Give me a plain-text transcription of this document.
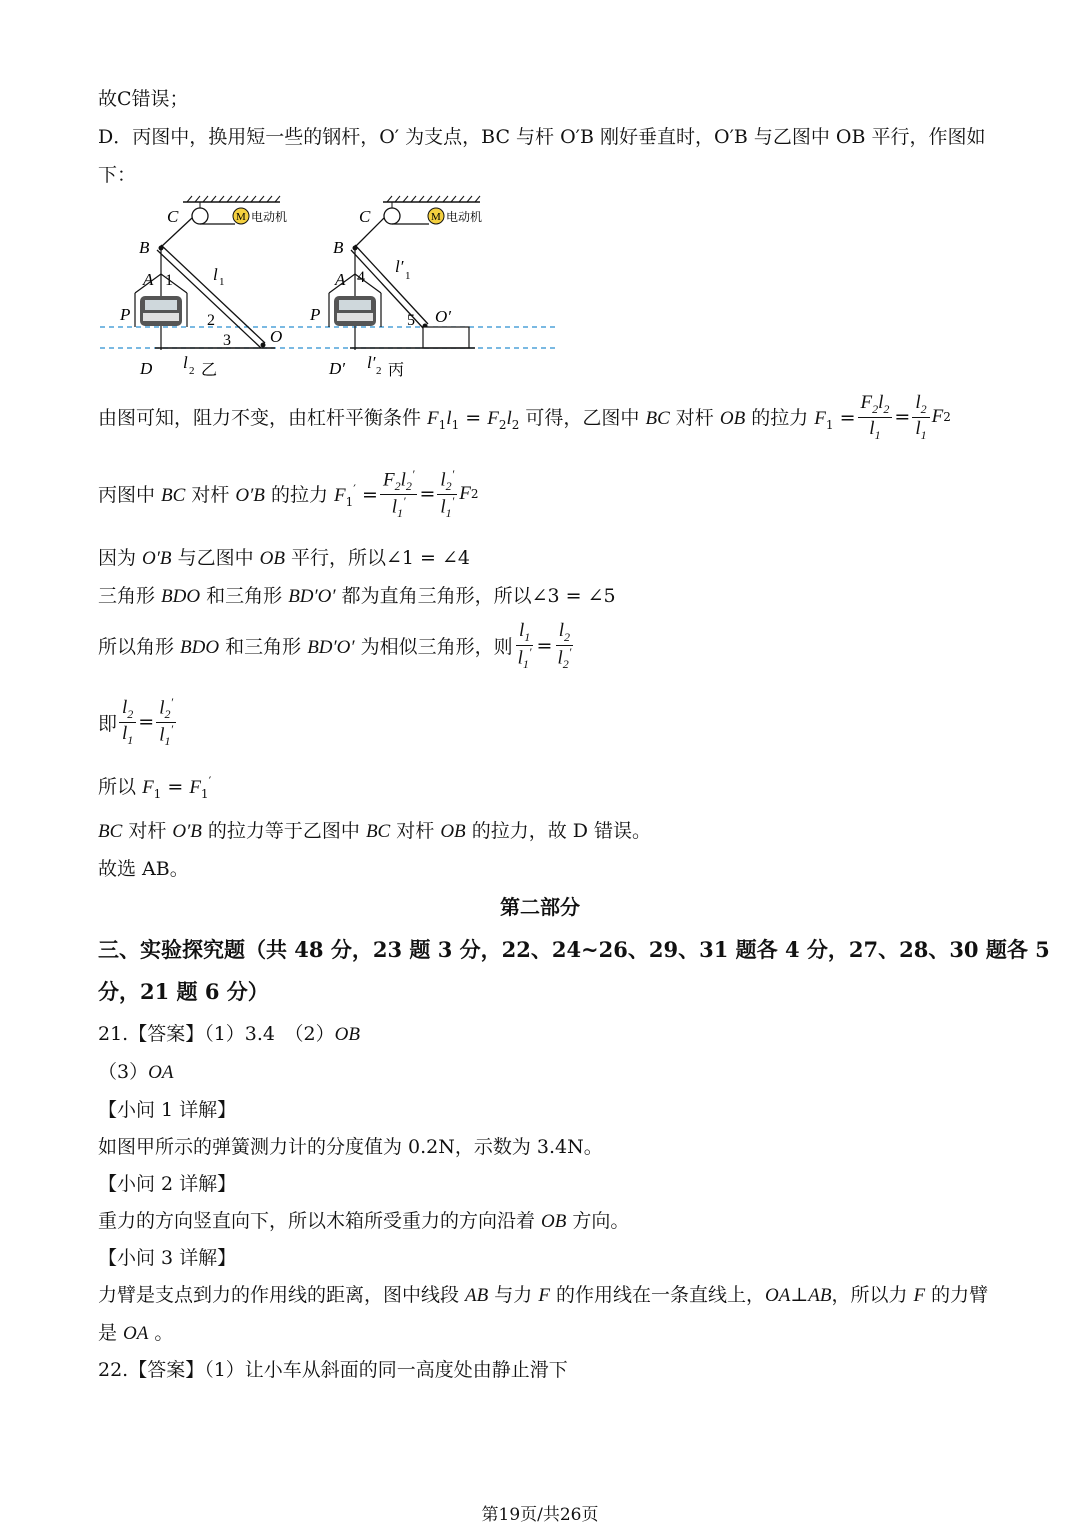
故C错误；
D．丙图中，换用短一些的钢杆，O′ 为支点，BC 与杆 O′B 刚好垂直时，O′B 与乙图中 OB 平行，作图如
下：
M 电动机
C
B
A 1 l 1
P	2
3 O
D l 2 乙
M 电动机
C
B
A 4
l′ 1
P	5 O′
D′ l′ 2 丙
由图可知，阻力不变，由杠杆平衡条件 $F_1l_1 = F_2l_2$ 可得，乙图中 BC 对杆 OB 的拉力 $F_1 = \frac{F_2l_2}{l_1} = \frac{l_2}{l_1}$ F 2
丙图中 BC 对杆 O′B 的拉力 $F_1' = \frac{F_2l_2'}{l_1'} = \frac{l_2'}{l_1'}$ F 2
因为 O′B 与乙图中 OB 平行，所以∠1 = ∠4
三角形 BDO 和三角形 BD′O′ 都为直角三角形，所以∠3 = ∠5
所以角形 BDO 和三角形 BD′O′ 为相似三角形，则 $\frac{l_1}{l_1'} = \frac{l_2}{l_2'}$
即 $\frac{l_2}{l_1} = \frac{l_2'}{l_1'}$
所以 $F_1 = F_1'$
BC 对杆 O′B 的拉力等于乙图中 BC 对杆 OB 的拉力，故 D 错误。
故选 AB。
第二部分
三、实验探究题（共 48 分，23 题 3 分，22、24~26、29、31 题各 4 分，27、28、30 题各 5
分，21 题 6 分）
21.【答案】（1）3.4　（2）OB
（3）OA
【小问 1 详解】
如图甲所示的弹簧测力计的分度值为 0.2N，示数为 3.4N。
【小问 2 详解】
重力的方向竖直向下，所以木箱所受重力的方向沿着 OB 方向。
【小问 3 详解】
力臂是支点到力的作用线的距离，图中线段 AB 与力 F 的作用线在一条直线上，OA⊥AB，所以力 F 的力臂
是 OA 。
22.【答案】（1）让小车从斜面的同一高度处由静止滑下
第19页/共26页
